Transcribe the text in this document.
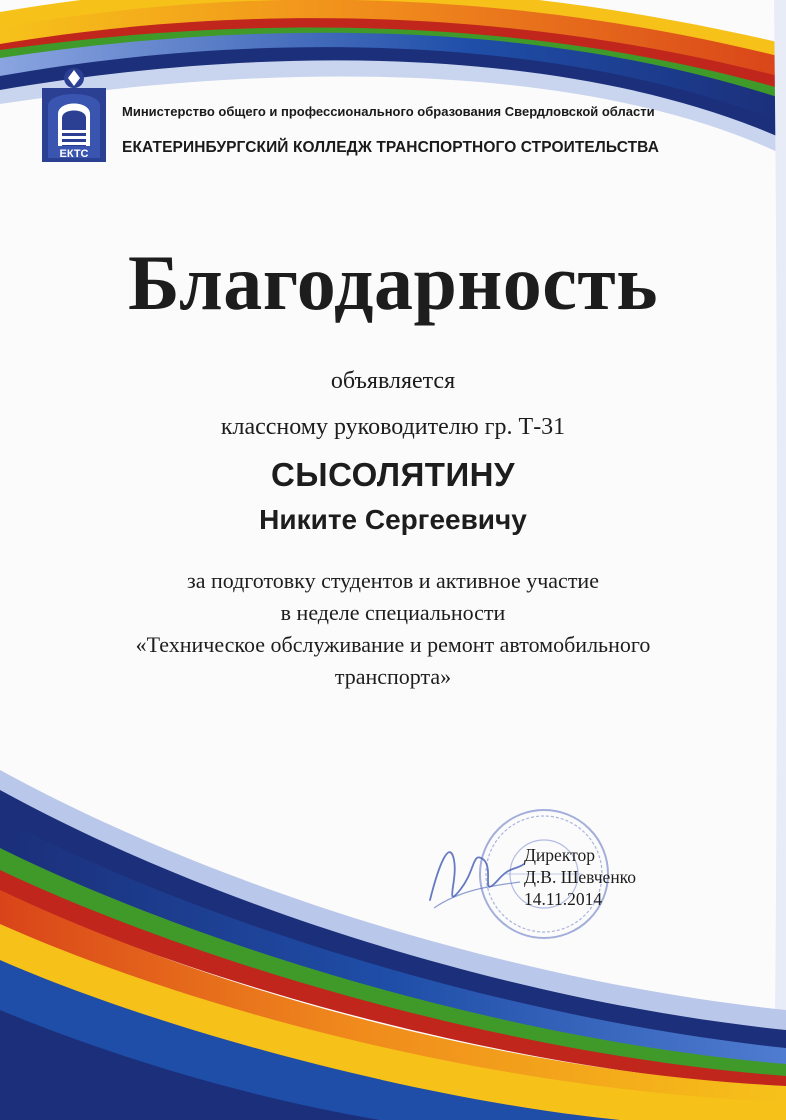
ЕКТС
Министерство общего и профессионального образования Свердловской области
ЕКАТЕРИНБУРГСКИЙ КОЛЛЕДЖ ТРАНСПОРТНОГО СТРОИТЕЛЬСТВА
Благодарность
объявляется
классному руководителю гр. Т-31
СЫСОЛЯТИНУ
Никите Сергеевичу
за подготовку студентов и активное участие
в неделе специальности
«Техническое обслуживание и ремонт автомобильного
транспорта»
Директор
Д.В. Шевченко
14.11.2014
